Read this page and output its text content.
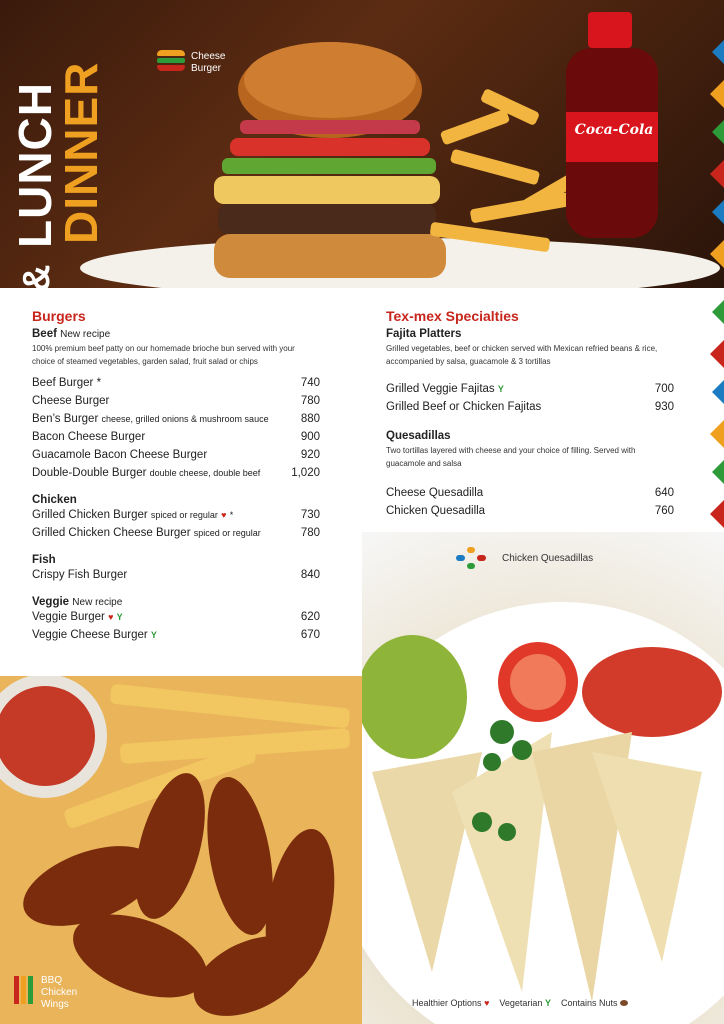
LUNCH
DINNER
&
Coca-Cola
Cheese Burger
Burgers
Beef New recipe
100% premium beef patty on our homemade brioche bun served with your choice of steamed vegetables, garden salad, fruit salad or chips
Beef Burger *	740
Cheese Burger	780
Ben’s Burger cheese, grilled onions & mushroom sauce	880
Bacon Cheese Burger	900
Guacamole Bacon Cheese Burger	920
Double-Double Burger double cheese, double beef	1,020
Chicken
Grilled Chicken Burger spiced or regular ♥ *	730
Grilled Chicken Cheese Burger spiced or regular	780
Fish
Crispy Fish Burger	840
Veggie New recipe
Veggie Burger ♥ Y	620
Veggie Cheese Burger Y	670
Tex-mex Specialties
Fajita Platters
Grilled vegetables, beef or chicken served with Mexican refried beans & rice, accompanied by salsa, guacamole & 3 tortillas
Grilled Veggie Fajitas Y	700
Grilled Beef or Chicken Fajitas	930
Quesadillas
Two tortillas layered with cheese and your choice of filling. Served with guacamole and salsa
Cheese Quesadilla	640
Chicken Quesadilla	760
Chicken Quesadillas
BBQ Chicken Wings	Healthier Options ♥ Vegetarian Y Contains Nuts
